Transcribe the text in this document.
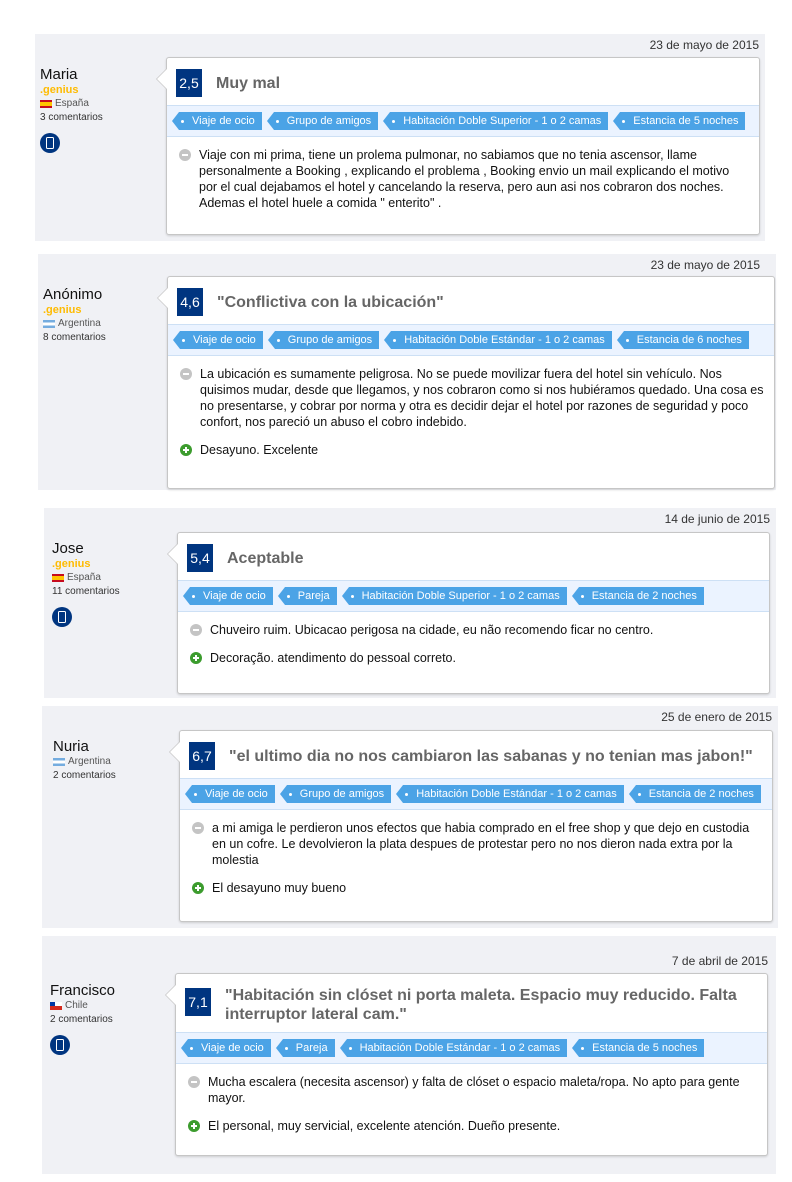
23 de mayo de 2015
Maria
.genius
España
3 comentarios
2,5 Muy mal
Viaje de ocio	Grupo de amigos	Habitación Doble Superior - 1 o 2 camas	Estancia de 5 noches
Viaje con mi prima, tiene un prolema pulmonar, no sabiamos que no tenia ascensor, llame personalmente a Booking , explicando el problema , Booking envio un mail explicando el motivo por el cual dejabamos el hotel y cancelando la reserva, pero aun asi nos cobraron dos noches. Ademas el hotel huele a comida " enterito" .
23 de mayo de 2015
Anónimo
.genius
Argentina
8 comentarios
4,6 "Conflictiva con la ubicación"
Viaje de ocio	Grupo de amigos	Habitación Doble Estándar - 1 o 2 camas	Estancia de 6 noches
La ubicación es sumamente peligrosa. No se puede movilizar fuera del hotel sin vehículo. Nos quisimos mudar, desde que llegamos, y nos cobraron como si nos hubiéramos quedado. Una cosa es no presentarse, y cobrar por norma y otra es decidir dejar el hotel por razones de seguridad y poco confort, nos pareció un abuso el cobro indebido.
Desayuno. Excelente
14 de junio de 2015
Jose
.genius
España
11 comentarios
5,4 Aceptable
Viaje de ocio	Pareja	Habitación Doble Superior - 1 o 2 camas	Estancia de 2 noches
Chuveiro ruim. Ubicacao perigosa na cidade, eu não recomendo ficar no centro.
Decoração. atendimento do pessoal correto.
25 de enero de 2015
Nuria
Argentina
2 comentarios
6,7 "el ultimo dia no nos cambiaron las sabanas y no tenian mas jabon!"
Viaje de ocio	Grupo de amigos	Habitación Doble Estándar - 1 o 2 camas	Estancia de 2 noches
a mi amiga le perdieron unos efectos que habia comprado en el free shop y que dejo en custodia en un cofre. Le devolvieron la plata despues de protestar pero no nos dieron nada extra por la molestia
El desayuno muy bueno
7 de abril de 2015
Francisco
Chile
2 comentarios
7,1 "Habitación sin clóset ni porta maleta. Espacio muy reducido. Falta interruptor lateral cam."
Viaje de ocio	Pareja	Habitación Doble Estándar - 1 o 2 camas	Estancia de 5 noches
Mucha escalera (necesita ascensor) y falta de clóset o espacio maleta/ropa. No apto para gente mayor.
El personal, muy servicial, excelente atención. Dueño presente.
